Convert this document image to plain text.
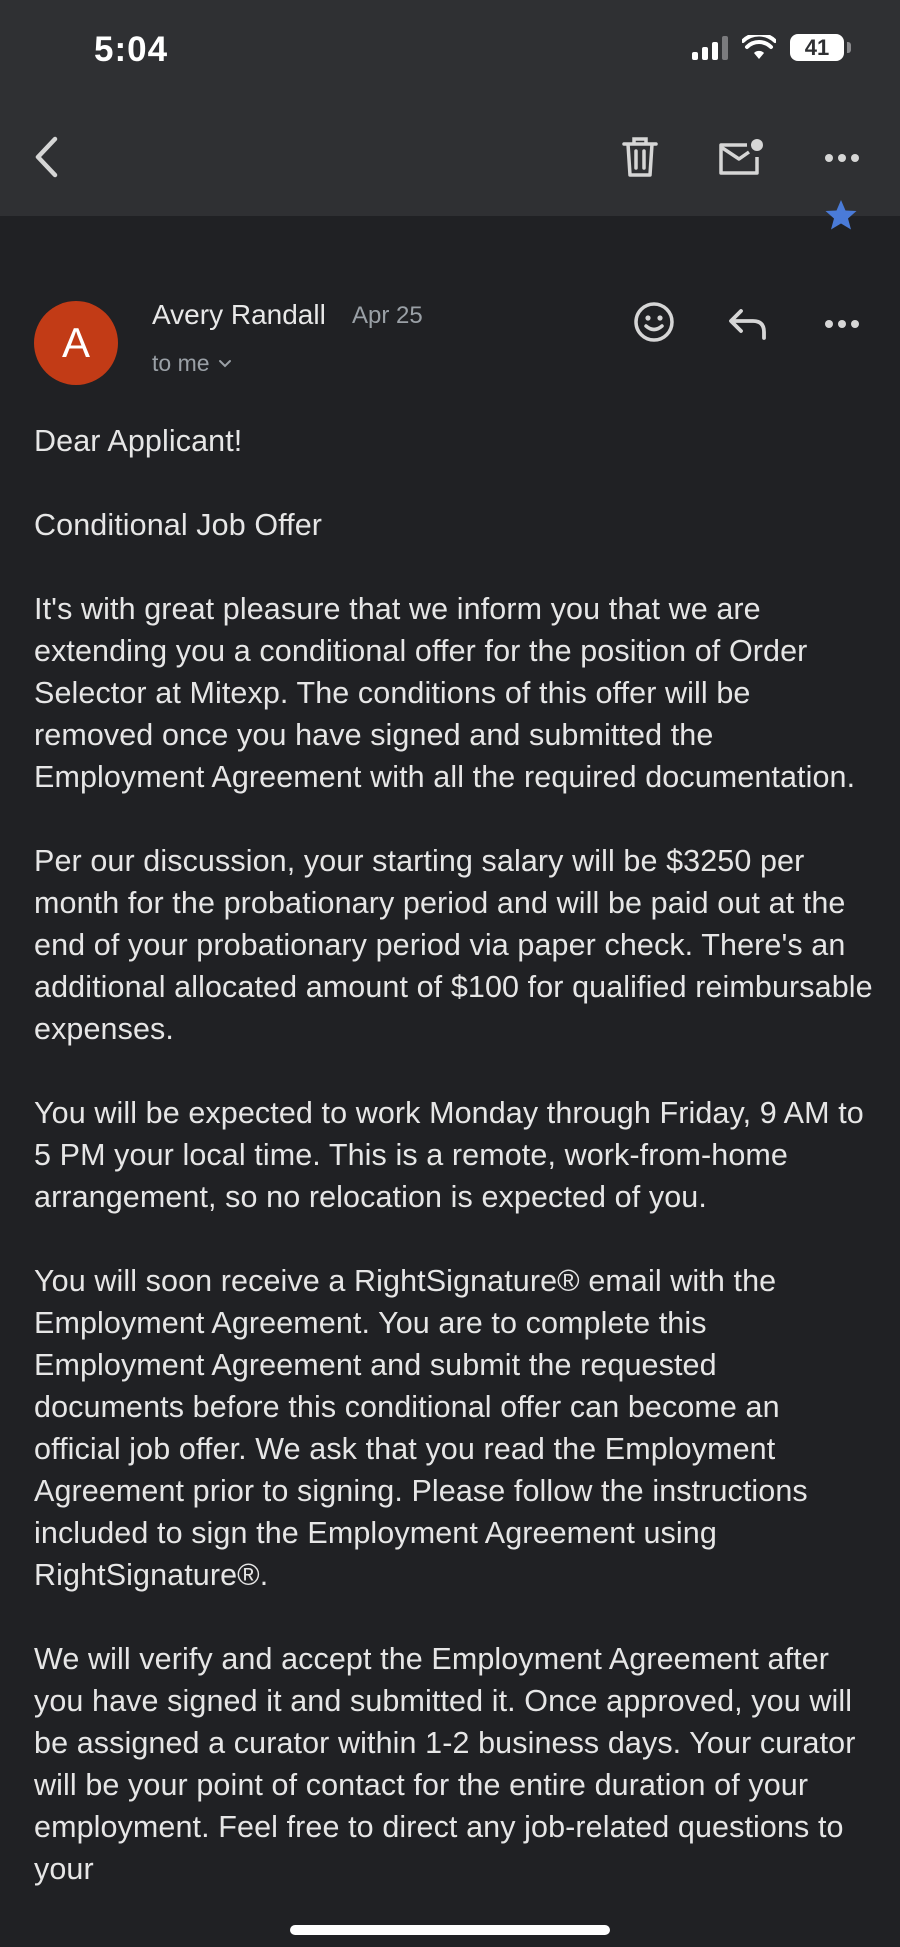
5:04	41
A
Avery Randall Apr 25
to me

Dear Applicant!

Conditional Job Offer

It's with great pleasure that we inform you that we are extending you a conditional offer for the position of Order Selector at Mitexp. The conditions of this offer will be removed once you have signed and submitted the Employment Agreement with all the required documentation.

Per our discussion, your starting salary will be $3250 per month for the probationary period and will be paid out at the end of your probationary period via paper check. There's an additional allocated amount of $100 for qualified reimbursable expenses.

You will be expected to work Monday through Friday, 9 AM to 5 PM your local time. This is a remote, work-from-home arrangement, so no relocation is expected of you.

You will soon receive a RightSignature® email with the Employment Agreement. You are to complete this Employment Agreement and submit the requested documents before this conditional offer can become an official job offer. We ask that you read the Employment Agreement prior to signing. Please follow the instructions included to sign the Employment Agreement using RightSignature®.

We will verify and accept the Employment Agreement after you have signed it and submitted it. Once approved, you will be assigned a curator within 1-2 business days. Your curator will be your point of contact for the entire duration of your employment. Feel free to direct any job-related questions to your
